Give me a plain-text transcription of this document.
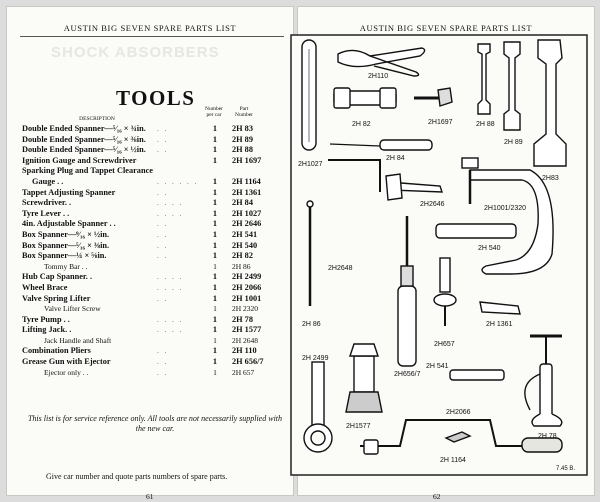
SHOCK ABSORBERS
AUSTIN BIG SEVEN SPARE PARTS LIST
TOOLS
DESCRIPTION
Number per car
Part Number
Double Ended Spanner—⁵⁄₁₆ × ¾in. . .	1	2H 83
Double Ended Spanner—⁵⁄₁₆ × ⅜in. . .	1	2H 89
Double Ended Spanner—⁵⁄₁₆ × ½in. . .	1	2H 88
Ignition Gauge and Screwdriver	1	2H 1697
Sparking Plug and Tappet Clearance
Gauge . .	. . . . . .	1	2H 1164
Tappet Adjusting Spanner	. .	1	2H 1361
Screwdriver. .	. . . .	1	2H 84
Tyre Lever . .	. . . .	1	2H 1027
4in. Adjustable Spanner . .	. .	1	2H 2646
Box Spanner—⁹⁄₁₆ × ½in.	. .	1	2H 541
Box Spanner—⁵⁄₁₆ × ⅜in.	. .	1	2H 540
Box Spanner—¼ × ⅝in.	. .	1	2H 82
Tommy Bar . .	1	2H 86
Hub Cap Spanner. .	. . . .	1	2H 2499
Wheel Brace	. . . .	1	2H 2066
Valve Spring Lifter	. .	1	2H 1001
Valve Lifter Screw	1	2H 2320
Tyre Pump . .	. . . .	1	2H 78
Lifting Jack. .	. . . .	1	2H 1577
Jack Handle and Shaft	1	2H 2648
Combination Pliers	. .	1	2H 110
Grease Gun with Ejector	. .	1	2H 656/7
Ejector only . .	. .	1	2H 657
This list is for service reference only. All tools are not necessarily supplied with the new car.
Give car number and quote parts numbers of spare parts.
61
AUSTIN BIG SEVEN SPARE PARTS LIST
62
2H1027
2H110
2H 82	2H1697	2H 88
2H 89
2H83
2H 84
2H2646
2H1001/2320
2H 540
2H2648
2H 86
2H656/7
2H657
2H 1361
2H 2499
2H1577
2H 541
2H2066
2H 78
2H 1164
7.45 B.
